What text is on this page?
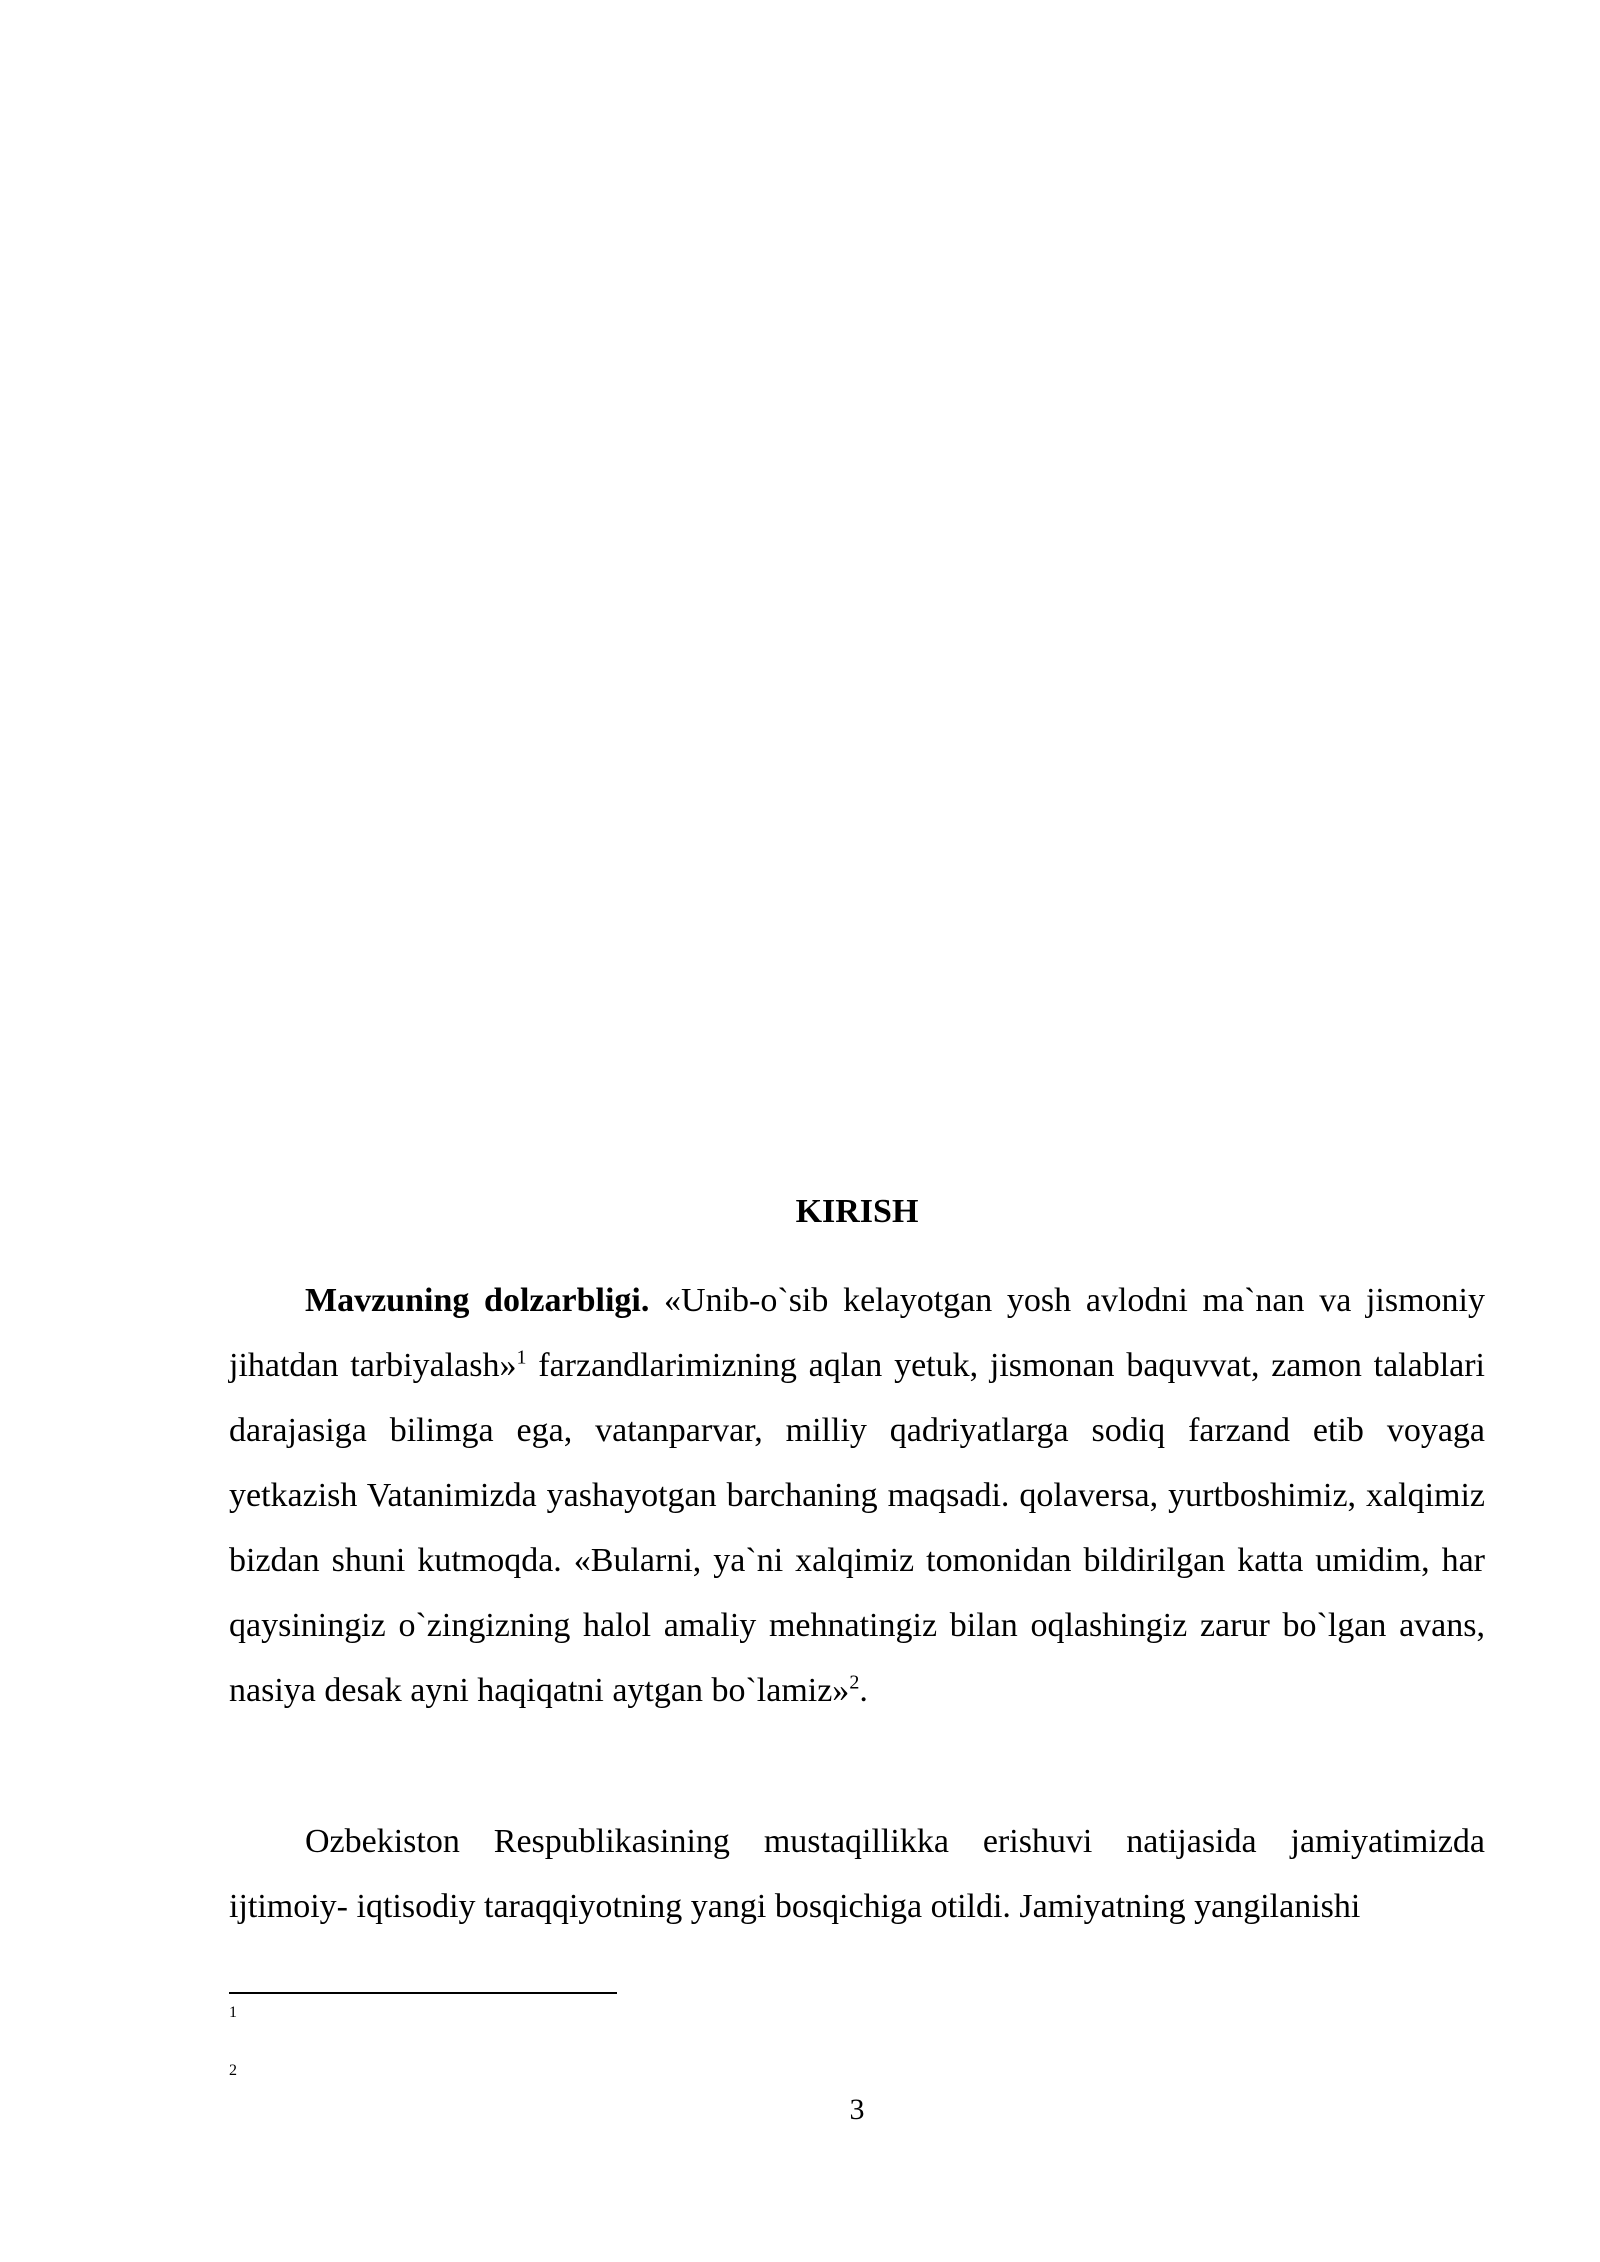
KIRISH

Mavzuning dolzarbligi. «Unib-o`sib kelayotgan yosh avlodni ma`nan va jismoniy jihatdan tarbiyalash»$^1$ farzandlarimizning aqlan yetuk, jismonan baquvvat, zamon talablari darajasiga bilimga ega, vatanparvar, milliy qadriyatlarga sodiq farzand etib voyaga yetkazish Vatanimizda yashayotgan barchaning maqsadi. qolaversa, yurtboshimiz, xalqimiz bizdan shuni kutmoqda. «Bularni, ya`ni xalqimiz tomonidan bildirilgan katta umidim, har qaysiningiz o`zingizning halol amaliy mehnatingiz bilan oqlashingiz zarur bo`lgan avans, nasiya desak ayni haqiqatni aytgan bo`lamiz»$^2$.

Ozbekiston Respublikasining mustaqillikka erishuvi natijasida jamiyatimizda ijtimoiy- iqtisodiy taraqqiyotning yangi bosqichiga otildi. Jamiyatning yangilanishi

1
2
3
